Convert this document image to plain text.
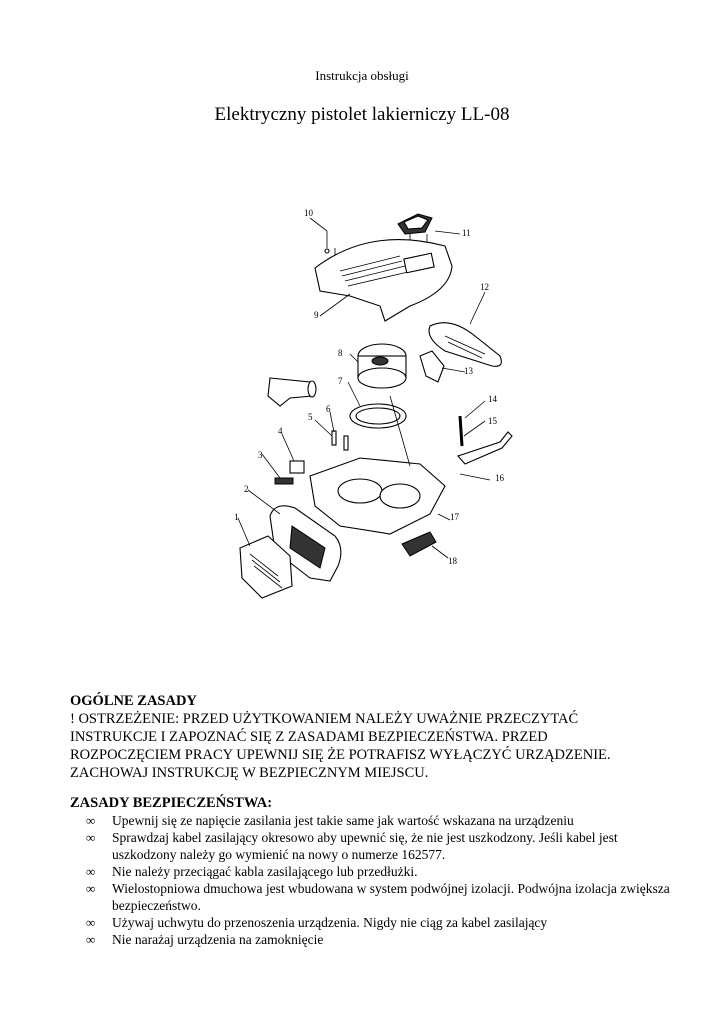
Instrukcja obsługi
Elektryczny pistolet lakierniczy LL-08
10
11
12
9
8
13
7
14
6
15
5
4
16
3
2
17
1
18
OGÓLNE ZASADY
! OSTRZEŻENIE: PRZED UŻYTKOWANIEM NALEŻY UWAŻNIE PRZECZYTAĆ
INSTRUKCJE I ZAPOZNAĆ SIĘ Z ZASADAMI BEZPIECZEŃSTWA. PRZED
ROZPOCZĘCIEM PRACY UPEWNIJ SIĘ ŻE POTRAFISZ WYŁĄCZYĆ URZĄDZENIE.
ZACHOWAJ INSTRUKCJĘ W BEZPIECZNYM MIEJSCU.
ZASADY BEZPIECZEŃSTWA:
∞ Upewnij się ze napięcie zasilania jest takie same jak wartość wskazana na urządzeniu
∞ Sprawdzaj kabel zasilający okresowo aby upewnić się, że nie jest uszkodzony. Jeśli kabel jest uszkodzony należy go wymienić na nowy o numerze 162577.
∞ Nie należy przeciągać kabla zasilającego lub przedłużki.
∞ Wielostopniowa dmuchowa jest wbudowana w system podwójnej izolacji. Podwójna izolacja zwiększa bezpieczeństwo.
∞ Używaj uchwytu do przenoszenia urządzenia. Nigdy nie ciąg za kabel zasilający
∞ Nie narażaj urządzenia na zamoknięcie
